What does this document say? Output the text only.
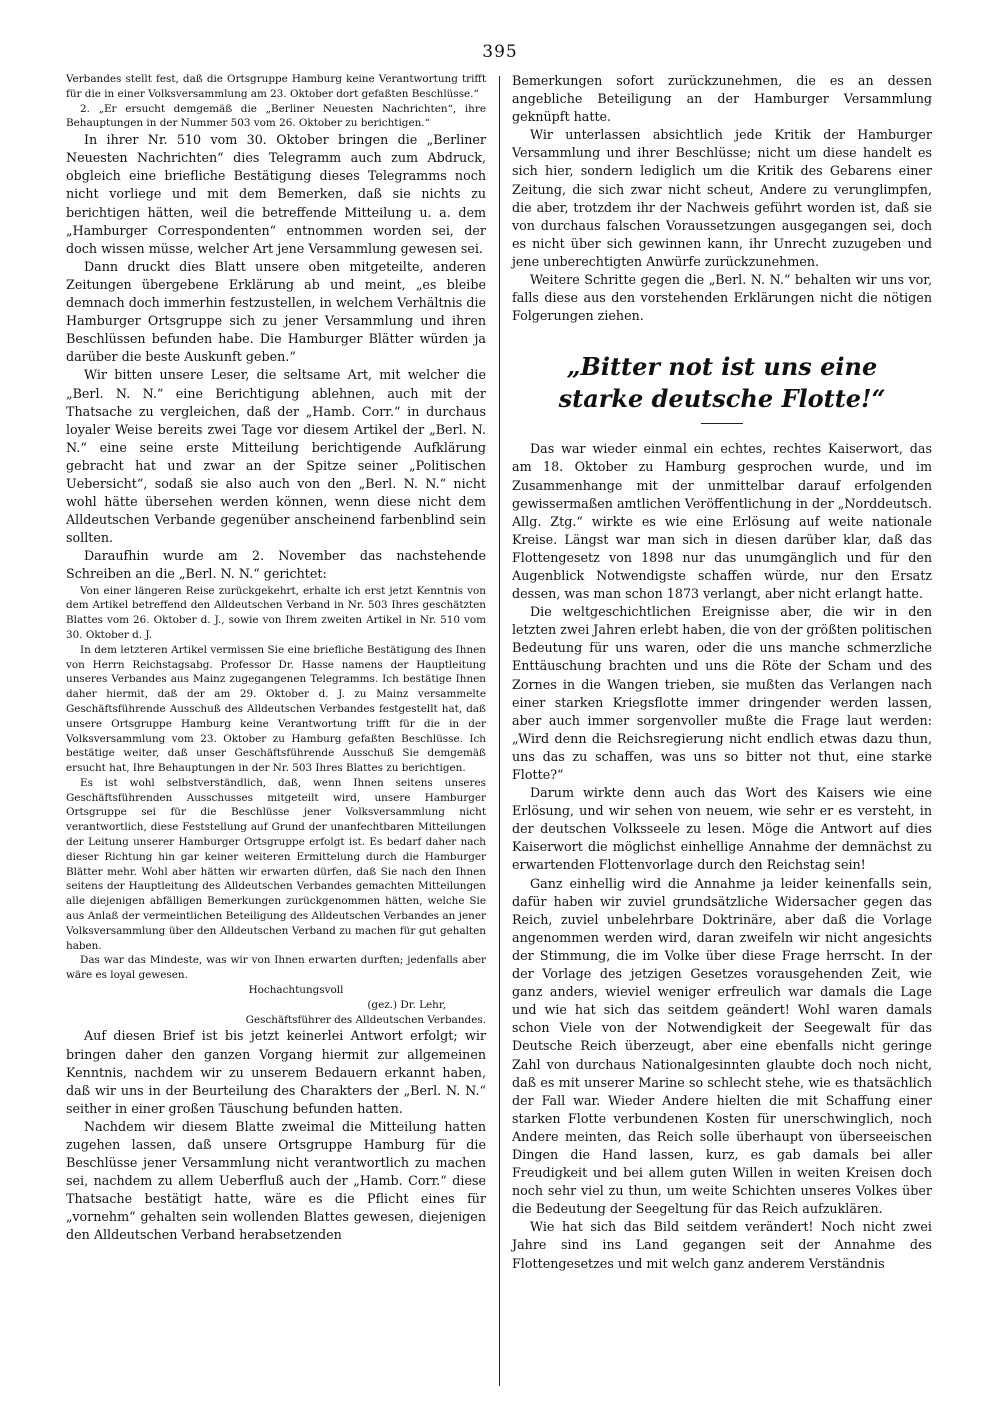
395

Verbandes stellt fest, daß die Ortsgruppe Hamburg keine Verantwortung trifft für die in einer Volksversammlung am 23. Oktober dort gefaßten Beschlüsse.“

2. „Er ersucht demgemäß die „Berliner Neuesten Nachrichten“, ihre Behauptungen in der Nummer 503 vom 26. Oktober zu berichtigen.“

In ihrer Nr. 510 vom 30. Oktober bringen die „Berliner Neuesten Nachrichten“ dies Telegramm auch zum Abdruck, obgleich eine briefliche Bestätigung dieses Telegramms noch nicht vorliege und mit dem Bemerken, daß sie nichts zu berichtigen hätten, weil die betreffende Mitteilung u. a. dem „Hamburger Correspondenten“ entnommen worden sei, der doch wissen müsse, welcher Art jene Versammlung gewesen sei.

Dann druckt dies Blatt unsere oben mitgeteilte, anderen Zeitungen übergebene Erklärung ab und meint, „es bleibe demnach doch immerhin festzustellen, in welchem Verhältnis die Hamburger Ortsgruppe sich zu jener Versammlung und ihren Beschlüssen befunden habe. Die Hamburger Blätter würden ja darüber die beste Auskunft geben.“

Wir bitten unsere Leser, die seltsame Art, mit welcher die „Berl. N. N.“ eine Berichtigung ablehnen, auch mit der Thatsache zu vergleichen, daß der „Hamb. Corr.“ in durchaus loyaler Weise bereits zwei Tage vor diesem Artikel der „Berl. N. N.“ eine seine erste Mitteilung berichtigende Aufklärung gebracht hat und zwar an der Spitze seiner „Politischen Uebersicht“, sodaß sie also auch von den „Berl. N. N.“ nicht wohl hätte übersehen werden können, wenn diese nicht dem Alldeutschen Verbande gegenüber anscheinend farbenblind sein sollten.

Daraufhin wurde am 2. November das nachstehende Schreiben an die „Berl. N. N.“ gerichtet:

Von einer längeren Reise zurückgekehrt, erhalte ich erst jetzt Kenntnis von dem Artikel betreffend den Alldeutschen Verband in Nr. 503 Ihres geschätzten Blattes vom 26. Oktober d. J., sowie von Ihrem zweiten Artikel in Nr. 510 vom 30. Oktober d. J.

In dem letzteren Artikel vermissen Sie eine briefliche Bestätigung des Ihnen von Herrn Reichstagsabg. Professor Dr. Hasse namens der Hauptleitung unseres Verbandes aus Mainz zugegangenen Telegramms. Ich bestätige Ihnen daher hiermit, daß der am 29. Oktober d. J. zu Mainz versammelte Geschäftsführende Ausschuß des Alldeutschen Verbandes festgestellt hat, daß unsere Ortsgruppe Hamburg keine Verantwortung trifft für die in der Volksversammlung vom 23. Oktober zu Hamburg gefaßten Beschlüsse. Ich bestätige weiter, daß unser Geschäftsführende Ausschuß Sie demgemäß ersucht hat, Ihre Behauptungen in der Nr. 503 Ihres Blattes zu berichtigen.

Es ist wohl selbstverständlich, daß, wenn Ihnen seitens unseres Geschäftsführenden Ausschusses mitgeteilt wird, unsere Hamburger Ortsgruppe sei für die Beschlüsse jener Volksversammlung nicht verantwortlich, diese Feststellung auf Grund der unanfechtbaren Mitteilungen der Leitung unserer Hamburger Ortsgruppe erfolgt ist. Es bedarf daher nach dieser Richtung hin gar keiner weiteren Ermittelung durch die Hamburger Blätter mehr. Wohl aber hätten wir erwarten dürfen, daß Sie nach den Ihnen seitens der Hauptleitung des Alldeutschen Verbandes gemachten Mitteilungen alle diejenigen abfälligen Bemerkungen zurückgenommen hätten, welche Sie aus Anlaß der vermeintlichen Beteiligung des Alldeutschen Verbandes an jener Volksversammlung über den Alldeutschen Verband zu machen für gut gehalten haben.

Das war das Mindeste, was wir von Ihnen erwarten durften; jedenfalls aber wäre es loyal gewesen.

Hochachtungsvoll

(gez.) Dr. Lehr,

Geschäftsführer des Alldeutschen Verbandes.

Auf diesen Brief ist bis jetzt keinerlei Antwort erfolgt; wir bringen daher den ganzen Vorgang hiermit zur allgemeinen Kenntnis, nachdem wir zu unserem Bedauern erkannt haben, daß wir uns in der Beurteilung des Charakters der „Berl. N. N.“ seither in einer großen Täuschung befunden hatten.

Nachdem wir diesem Blatte zweimal die Mitteilung hatten zugehen lassen, daß unsere Ortsgruppe Hamburg für die Beschlüsse jener Versammlung nicht verantwortlich zu machen sei, nachdem zu allem Ueberfluß auch der „Hamb. Corr.“ diese Thatsache bestätigt hatte, wäre es die Pflicht eines für „vornehm“ gehalten sein wollenden Blattes gewesen, diejenigen den Alldeutschen Verband herabsetzenden

Bemerkungen sofort zurückzunehmen, die es an dessen angebliche Beteiligung an der Hamburger Versammlung geknüpft hatte.

Wir unterlassen absichtlich jede Kritik der Hamburger Versammlung und ihrer Beschlüsse; nicht um diese handelt es sich hier, sondern lediglich um die Kritik des Gebarens einer Zeitung, die sich zwar nicht scheut, Andere zu verunglimpfen, die aber, trotzdem ihr der Nachweis geführt worden ist, daß sie von durchaus falschen Voraussetzungen ausgegangen sei, doch es nicht über sich gewinnen kann, ihr Unrecht zuzugeben und jene unberechtigten Anwürfe zurückzunehmen.

Weitere Schritte gegen die „Berl. N. N.“ behalten wir uns vor, falls diese aus den vorstehenden Erklärungen nicht die nötigen Folgerungen ziehen.

„Bitter not ist uns eine starke deutsche Flotte!“

Das war wieder einmal ein echtes, rechtes Kaiserwort, das am 18. Oktober zu Hamburg gesprochen wurde, und im Zusammenhange mit der unmittelbar darauf erfolgenden gewissermaßen amtlichen Veröffentlichung in der „Norddeutsch. Allg. Ztg.“ wirkte es wie eine Erlösung auf weite nationale Kreise. Längst war man sich in diesen darüber klar, daß das Flottengesetz von 1898 nur das unumgänglich und für den Augenblick Notwendigste schaffen würde, nur den Ersatz dessen, was man schon 1873 verlangt, aber nicht erlangt hatte.

Die weltgeschichtlichen Ereignisse aber, die wir in den letzten zwei Jahren erlebt haben, die von der größten politischen Bedeutung für uns waren, oder die uns manche schmerzliche Enttäuschung brachten und uns die Röte der Scham und des Zornes in die Wangen trieben, sie mußten das Verlangen nach einer starken Kriegsflotte immer dringender werden lassen, aber auch immer sorgenvoller mußte die Frage laut werden: „Wird denn die Reichsregierung nicht endlich etwas dazu thun, uns das zu schaffen, was uns so bitter not thut, eine starke Flotte?“

Darum wirkte denn auch das Wort des Kaisers wie eine Erlösung, und wir sehen von neuem, wie sehr er es versteht, in der deutschen Volksseele zu lesen. Möge die Antwort auf dies Kaiserwort die möglichst einhellige Annahme der demnächst zu erwartenden Flottenvorlage durch den Reichstag sein!

Ganz einhellig wird die Annahme ja leider keinenfalls sein, dafür haben wir zuviel grundsätzliche Widersacher gegen das Reich, zuviel unbelehrbare Doktrinäre, aber daß die Vorlage angenommen werden wird, daran zweifeln wir nicht angesichts der Stimmung, die im Volke über diese Frage herrscht. In der der Vorlage des jetzigen Gesetzes vorausgehenden Zeit, wie ganz anders, wieviel weniger erfreulich war damals die Lage und wie hat sich das seitdem geändert! Wohl waren damals schon Viele von der Notwendigkeit der Seegewalt für das Deutsche Reich überzeugt, aber eine ebenfalls nicht geringe Zahl von durchaus Nationalgesinnten glaubte doch noch nicht, daß es mit unserer Marine so schlecht stehe, wie es thatsächlich der Fall war. Wieder Andere hielten die mit Schaffung einer starken Flotte verbundenen Kosten für unerschwinglich, noch Andere meinten, das Reich solle überhaupt von überseeischen Dingen die Hand lassen, kurz, es gab damals bei aller Freudigkeit und bei allem guten Willen in weiten Kreisen doch noch sehr viel zu thun, um weite Schichten unseres Volkes über die Bedeutung der Seegeltung für das Reich aufzuklären.

Wie hat sich das Bild seitdem verändert! Noch nicht zwei Jahre sind ins Land gegangen seit der Annahme des Flottengesetzes und mit welch ganz anderem Verständnis
